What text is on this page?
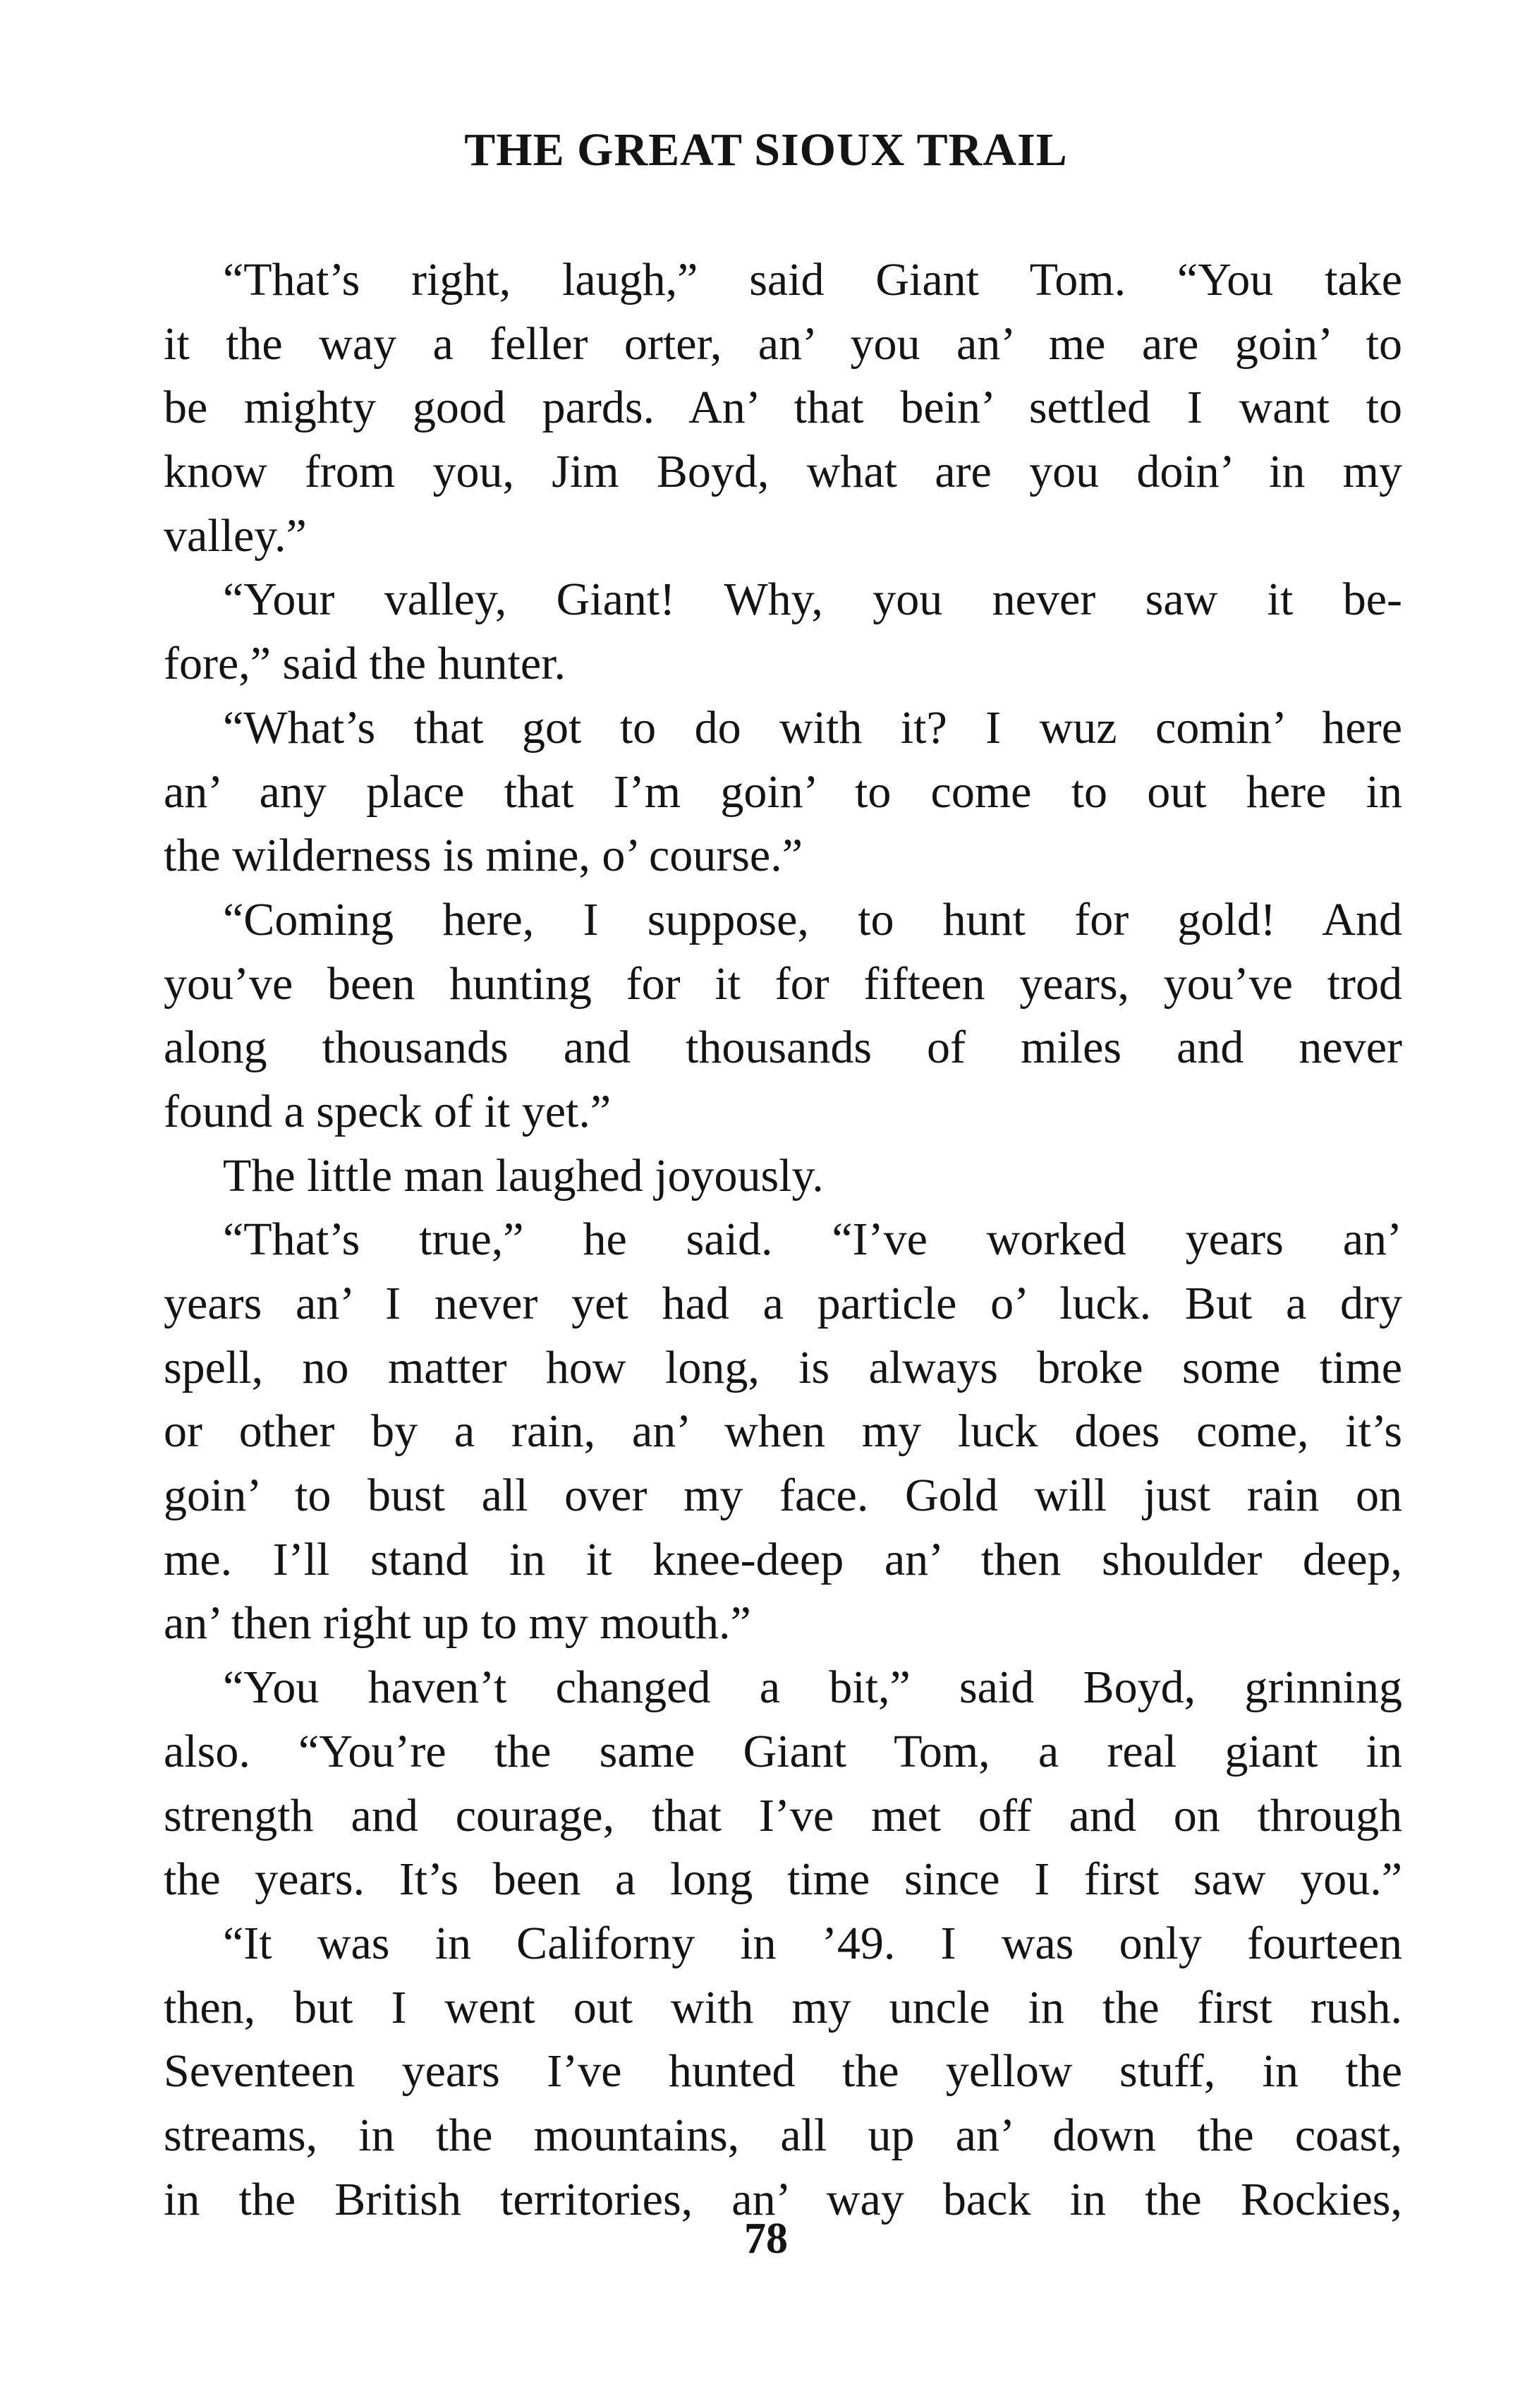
THE GREAT SIOUX TRAIL
“That’s right, laugh,” said Giant Tom. “You take
it the way a feller orter, an’ you an’ me are goin’ to
be mighty good pards. An’ that bein’ settled I want to
know from you, Jim Boyd, what are you doin’ in my
valley.”
“Your valley, Giant! Why, you never saw it be-
fore,” said the hunter.
“What’s that got to do with it? I wuz comin’ here
an’ any place that I’m goin’ to come to out here in
the wilderness is mine, o’ course.”
“Coming here, I suppose, to hunt for gold! And
you’ve been hunting for it for fifteen years, you’ve trod
along thousands and thousands of miles and never
found a speck of it yet.”
The little man laughed joyously.
“That’s true,” he said. “I’ve worked years an’
years an’ I never yet had a particle o’ luck. But a dry
spell, no matter how long, is always broke some time
or other by a rain, an’ when my luck does come, it’s
goin’ to bust all over my face. Gold will just rain on
me. I’ll stand in it knee-deep an’ then shoulder deep,
an’ then right up to my mouth.”
“You haven’t changed a bit,” said Boyd, grinning
also. “You’re the same Giant Tom, a real giant in
strength and courage, that I’ve met off and on through
the years. It’s been a long time since I first saw you.”
“It was in Californy in ’49. I was only fourteen
then, but I went out with my uncle in the first rush.
Seventeen years I’ve hunted the yellow stuff, in the
streams, in the mountains, all up an’ down the coast,
in the British territories, an’ way back in the Rockies,
78
